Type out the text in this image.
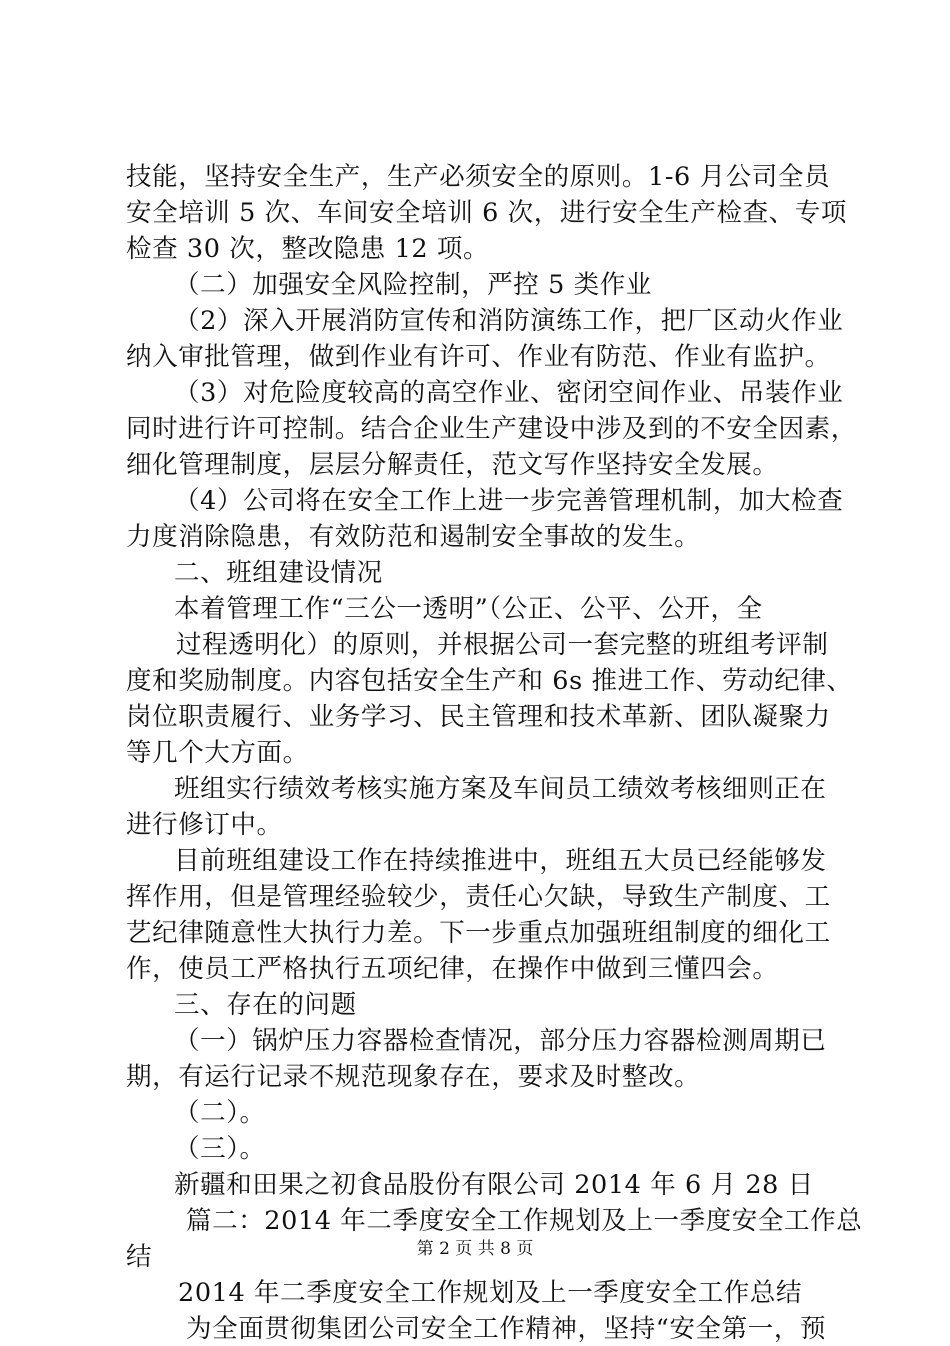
技能，坚持安全生产，生产必须安全的原则。1-6 月公司全员
安全培训 5 次、车间安全培训 6 次，进行安全生产检查、专项
检查 30 次，整改隐患 12 项。
（二）加强安全风险控制，严控 5 类作业
（2）深入开展消防宣传和消防演练工作，把厂区动火作业
纳入审批管理，做到作业有许可、作业有防范、作业有监护。
（3）对危险度较高的高空作业、密闭空间作业、吊装作业
同时进行许可控制。结合企业生产建设中涉及到的不安全因素，
细化管理制度，层层分解责任，范文写作坚持安全发展。
（4）公司将在安全工作上进一步完善管理机制，加大检查
力度消除隐患，有效防范和遏制安全事故的发生。
二、班组建设情况
本着管理工作“三公一透明”（公正、公平、公开，全
过程透明化）的原则，并根据公司一套完整的班组考评制
度和奖励制度。内容包括安全生产和 6s 推进工作、劳动纪律、
岗位职责履行、业务学习、民主管理和技术革新、团队凝聚力
等几个大方面。
班组实行绩效考核实施方案及车间员工绩效考核细则正在
进行修订中。
目前班组建设工作在持续推进中，班组五大员已经能够发
挥作用，但是管理经验较少，责任心欠缺，导致生产制度、工
艺纪律随意性大执行力差。下一步重点加强班组制度的细化工
作，使员工严格执行五项纪律，在操作中做到三懂四会。
三、存在的问题
（一）锅炉压力容器检查情况，部分压力容器检测周期已
期，有运行记录不规范现象存在，要求及时整改。
（二）。
（三）。
新疆和田果之初食品股份有限公司 2014 年 6 月 28 日
篇二：2014 年二季度安全工作规划及上一季度安全工作总
结
2014 年二季度安全工作规划及上一季度安全工作总结
为全面贯彻集团公司安全工作精神，坚持“安全第一，预
第 2 页 共 8 页
